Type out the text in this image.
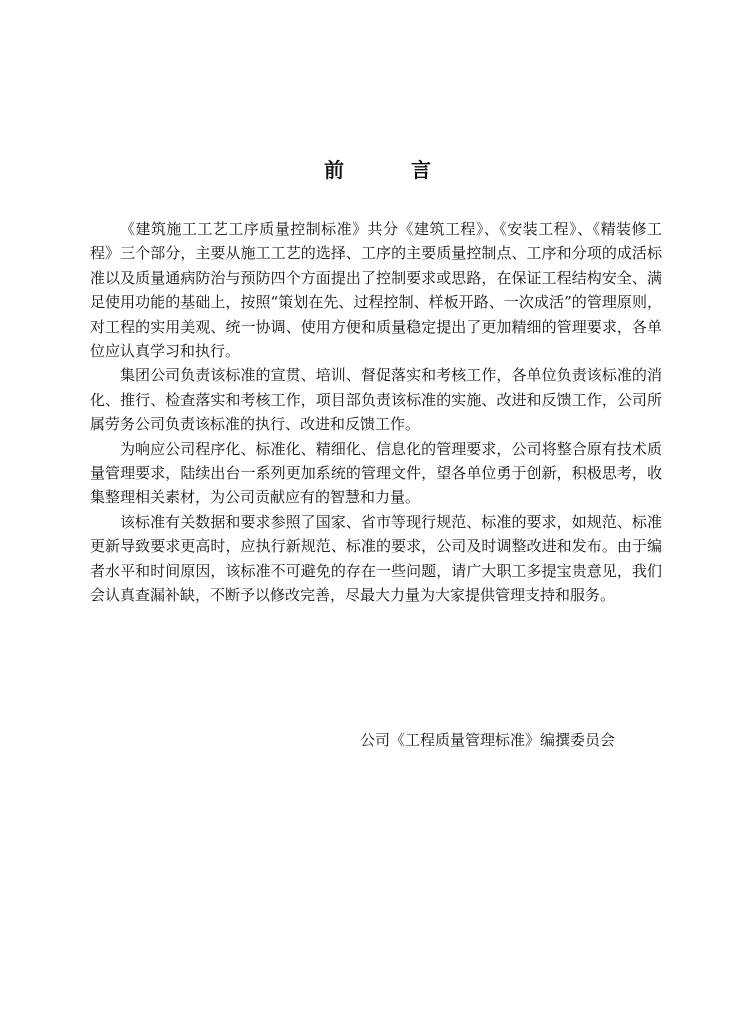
前 言

《建筑施工工艺工序质量控制标准》共分《建筑工程》、《安装工程》、《精装修工程》三个部分，主要从施工工艺的选择、工序的主要质量控制点、工序和分项的成活标准以及质量通病防治与预防四个方面提出了控制要求或思路，在保证工程结构安全、满足使用功能的基础上，按照“策划在先、过程控制、样板开路、一次成活”的管理原则，对工程的实用美观、统一协调、使用方便和质量稳定提出了更加精细的管理要求，各单位应认真学习和执行。

集团公司负责该标准的宣贯、培训、督促落实和考核工作，各单位负责该标准的消化、推行、检查落实和考核工作，项目部负责该标准的实施、改进和反馈工作，公司所属劳务公司负责该标准的执行、改进和反馈工作。

为响应公司程序化、标准化、精细化、信息化的管理要求，公司将整合原有技术质量管理要求，陆续出台一系列更加系统的管理文件，望各单位勇于创新，积极思考，收集整理相关素材，为公司贡献应有的智慧和力量。

该标准有关数据和要求参照了国家、省市等现行规范、标准的要求，如规范、标准更新导致要求更高时，应执行新规范、标准的要求，公司及时调整改进和发布。由于编者水平和时间原因，该标准不可避免的存在一些问题，请广大职工多提宝贵意见，我们会认真查漏补缺，不断予以修改完善，尽最大力量为大家提供管理支持和服务。

公司《工程质量管理标准》编撰委员会
